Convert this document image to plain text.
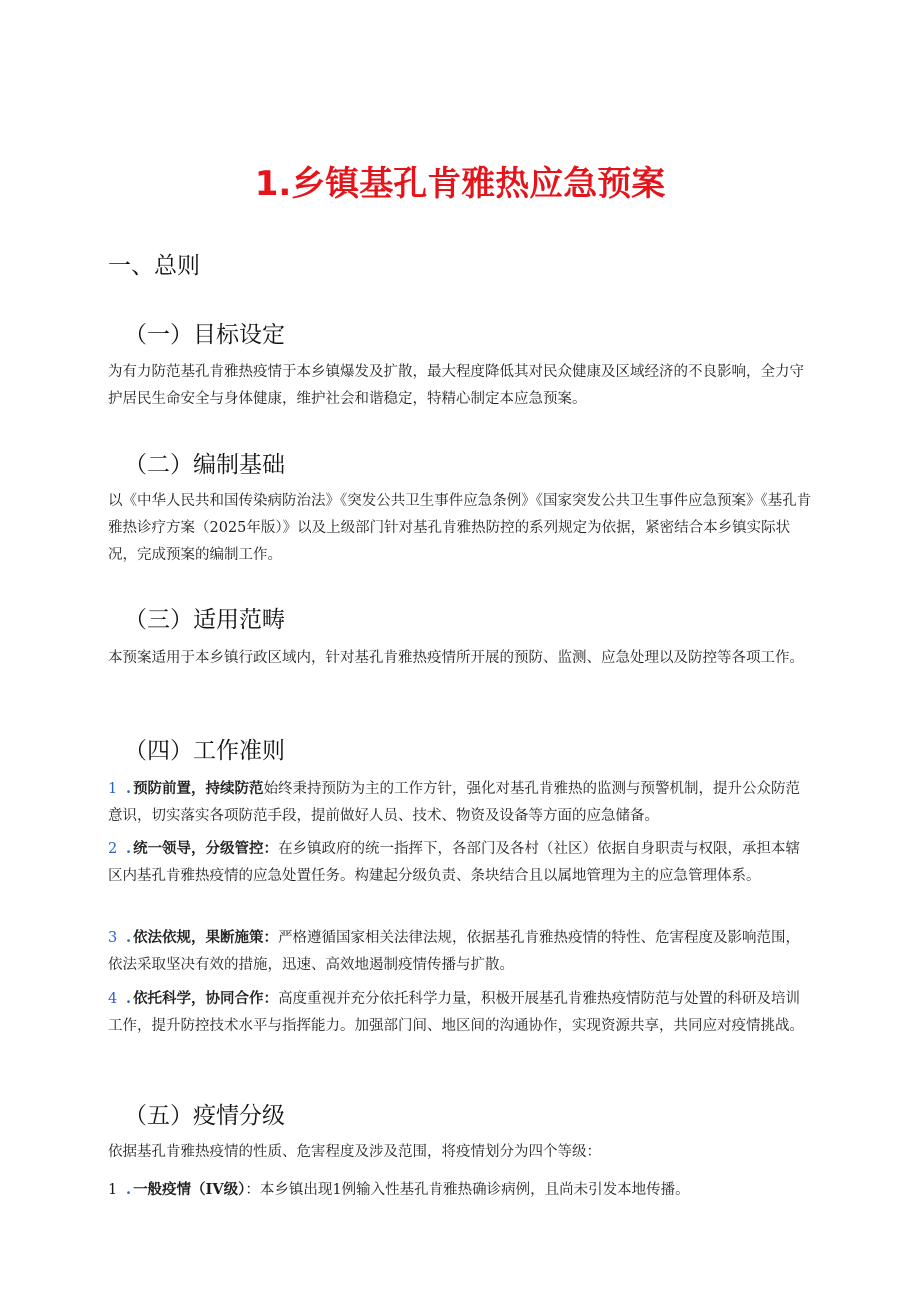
1.乡镇基孔肯雅热应急预案
一、总则
（一）目标设定
为有力防范基孔肯雅热疫情于本乡镇爆发及扩散，最大程度降低其对民众健康及区域经济的不良影响，全力守护居民生命安全与身体健康，维护社会和谐稳定，特精心制定本应急预案。
（二）编制基础
以《中华人民共和国传染病防治法》《突发公共卫生事件应急条例》《国家突发公共卫生事件应急预案》《基孔肯雅热诊疗方案（2025年版）》以及上级部门针对基孔肯雅热防控的系列规定为依据，紧密结合本乡镇实际状况，完成预案的编制工作。
（三）适用范畴
本预案适用于本乡镇行政区域内，针对基孔肯雅热疫情所开展的预防、监测、应急处理以及防控等各项工作。
（四）工作准则
1 . 预防前置，持续防范始终秉持预防为主的工作方针，强化对基孔肯雅热的监测与预警机制，提升公众防范意识，切实落实各项防范手段，提前做好人员、技术、物资及设备等方面的应急储备。
2 . 统一领导，分级管控：在乡镇政府的统一指挥下，各部门及各村（社区）依据自身职责与权限，承担本辖区内基孔肯雅热疫情的应急处置任务。构建起分级负责、条块结合且以属地管理为主的应急管理体系。
3 . 依法依规，果断施策：严格遵循国家相关法律法规，依据基孔肯雅热疫情的特性、危害程度及影响范围，依法采取坚决有效的措施，迅速、高效地遏制疫情传播与扩散。
4 . 依托科学，协同合作：高度重视并充分依托科学力量，积极开展基孔肯雅热疫情防范与处置的科研及培训工作，提升防控技术水平与指挥能力。加强部门间、地区间的沟通协作，实现资源共享，共同应对疫情挑战。
（五）疫情分级
依据基孔肯雅热疫情的性质、危害程度及涉及范围，将疫情划分为四个等级：
1 . 一般疫情（IV级）：本乡镇出现1例输入性基孔肯雅热确诊病例，且尚未引发本地传播。
